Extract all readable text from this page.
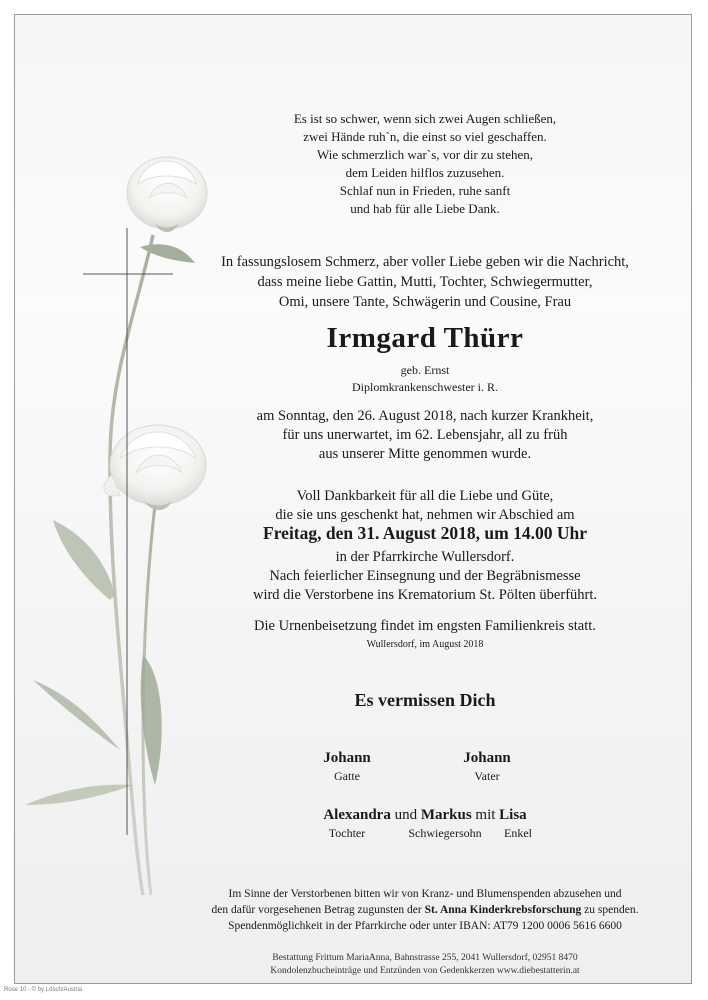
Es ist so schwer, wenn sich zwei Augen schließen,
zwei Hände ruh`n, die einst so viel geschaffen.
Wie schmerzlich war`s, vor dir zu stehen,
dem Leiden hilflos zuzusehen.
Schlaf nun in Frieden, ruhe sanft
und hab für alle Liebe Dank.
In fassungslosem Schmerz, aber voller Liebe geben wir die Nachricht,
dass meine liebe Gattin, Mutti, Tochter, Schwiegermutter,
Omi, unsere Tante, Schwägerin und Cousine, Frau
Irmgard Thürr
geb. Ernst
Diplomkrankenschwester i. R.
am Sonntag, den 26. August 2018, nach kurzer Krankheit,
für uns unerwartet, im 62. Lebensjahr, all zu früh
aus unserer Mitte genommen wurde.
Voll Dankbarkeit für all die Liebe und Güte,
die sie uns geschenkt hat, nehmen wir Abschied am
Freitag, den 31. August 2018, um 14.00 Uhr
in der Pfarrkirche Wullersdorf.
Nach feierlicher Einsegnung und der Begräbnismesse
wird die Verstorbene ins Krematorium St. Pölten überführt.
Die Urnenbeisetzung findet im engsten Familienkreis statt.
Wullersdorf, im August 2018
Es vermissen Dich
Johann
Gatte
Johann
Vater
Alexandra und Markus mit Lisa
Tochter	Schwiegersohn	Enkel
Im Sinne der Verstorbenen bitten wir von Kranz- und Blumenspenden abzusehen und
den dafür vorgesehenen Betrag zugunsten der St. Anna Kinderkrebsforschung zu spenden.
Spendenmöglichkeit in der Pfarrkirche oder unter IBAN: AT79 1200 0006 5616 6600
Bestattung Frittum MariaAnna, Bahnstrasse 255, 2041 Wullersdorf, 02951 8470
Kondolenzbucheinträge und Entzünden von Gedenkkerzen www.diebestatterin.at
Rose 10 - © by Lösch/Austria
